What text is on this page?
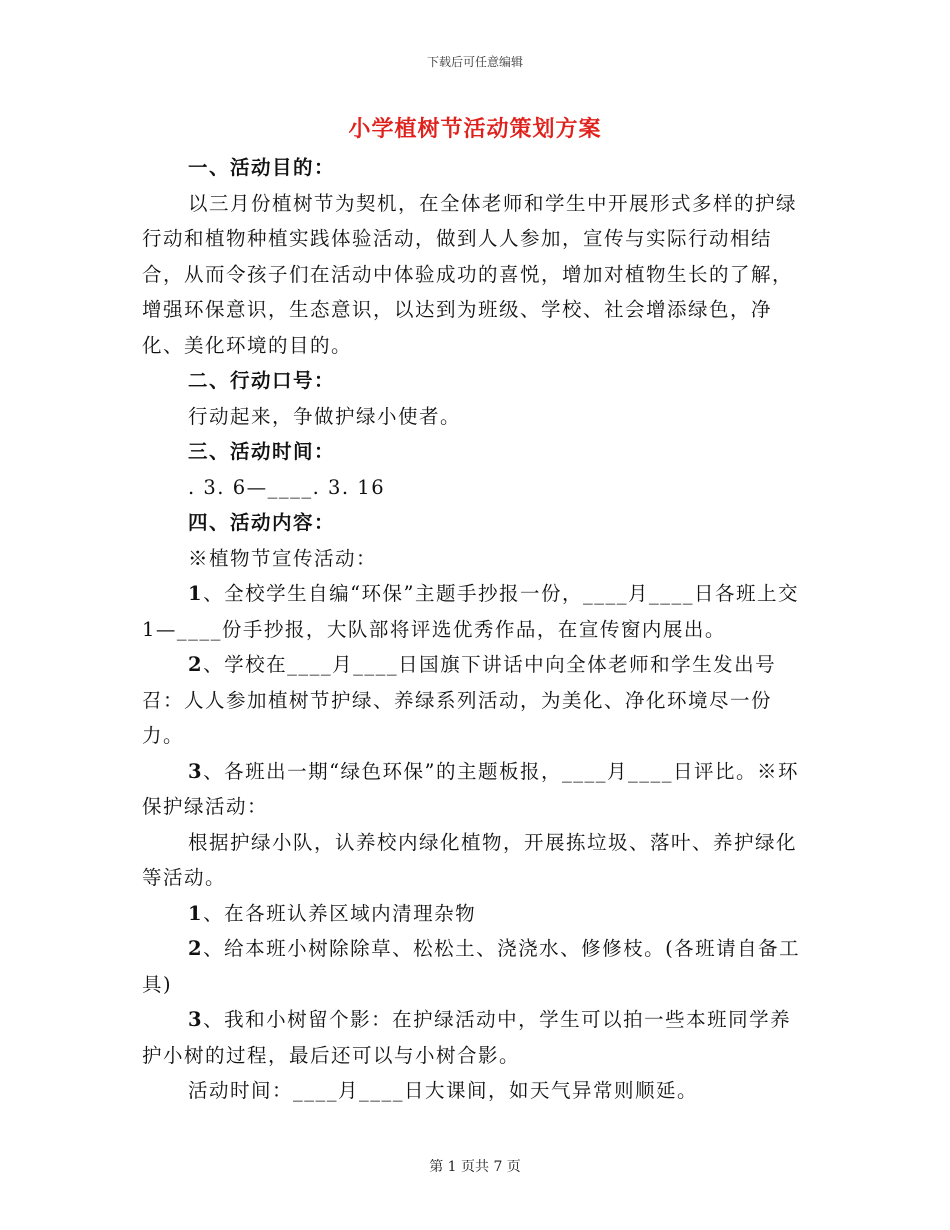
下载后可任意编辑
小学植树节活动策划方案

一、活动目的：

以三月份植树节为契机，在全体老师和学生中开展形式多样的护绿行动和植物种植实践体验活动，做到人人参加，宣传与实际行动相结合，从而令孩子们在活动中体验成功的喜悦，增加对植物生长的了解，增强环保意识，生态意识，以达到为班级、学校、社会增添绿色，净化、美化环境的目的。

二、行动口号：

行动起来，争做护绿小使者。

三、活动时间：

. 3. 6—____. 3. 16

四、活动内容：

※植物节宣传活动：

1、全校学生自编“环保”主题手抄报一份，____月____日各班上交1—____份手抄报，大队部将评选优秀作品，在宣传窗内展出。

2、学校在____月____日国旗下讲话中向全体老师和学生发出号召：人人参加植树节护绿、养绿系列活动，为美化、净化环境尽一份力。

3、各班出一期“绿色环保”的主题板报，____月____日评比。※环保护绿活动：

根据护绿小队，认养校内绿化植物，开展拣垃圾、落叶、养护绿化等活动。

1、在各班认养区域内清理杂物

2、给本班小树除除草、松松土、浇浇水、修修枝。(各班请自备工具)

3、我和小树留个影：在护绿活动中，学生可以拍一些本班同学养护小树的过程，最后还可以与小树合影。

活动时间：____月____日大课间，如天气异常则顺延。

第 1 页共 7 页
